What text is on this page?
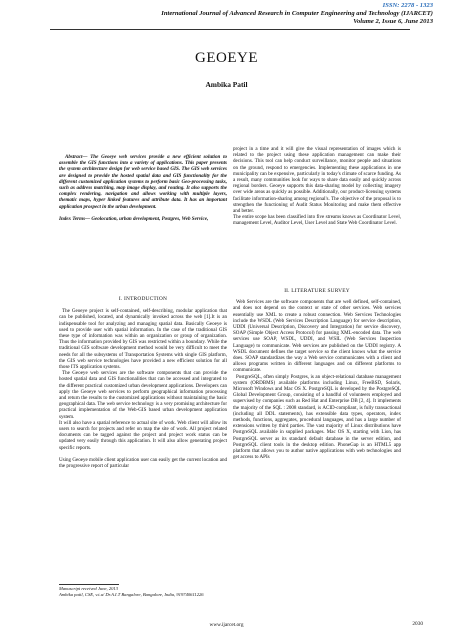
ISSN: 2278 - 1323
International Journal of Advanced Research in Computer Engineering and Technology (IJARCET)
Volume 2, Issue 6, June 2013
GEOEYE
Ambika Patil

Abstract— The Geoeye web services provide a new efficient solution to assemble the GIS functions into a variety of applications. This paper presents the system architecture design for web service based GIS. The GIS web services are designed to provide the hosted spatial data and GIS functionality for the different customized application systems to perform basic Geo-processing tasks, such as address matching, map image display, and routing. It also supports the complex rendering, navigation and allows working with multiple layers, thematic maps, hyper linked features and attribute data. It has an important application prospect in the urban development.

Index Terms— Geolocation, urban development, Postgres, Web Service,

I. INTRODUCTION

The Geoeye project is self-contained, self-describing, modular application that can be published, located, and dynamically invoked across the web [1].It is an indispensable tool for analyzing and managing spatial data. Basically Geoeye is used to provide user with spatial information. In the case of the traditional GIS these type of information was within an organization or group of organization. Thus the information provided by GIS was restricted within a boundary. While the traditional GIS software development method would be very difficult to meet the needs for all the subsystems of Transportation Systems with single GIS platform, the GIS web service technologies have provided a new efficient solution for all those ITS application systems.

The Geoeye web services are the software components that can provide the hosted spatial data and GIS functionalities that can be accessed and integrated to the different practical customized urban development applications. Developers can apply the Geoeye web services to perform geographical information processing and return the results to the customized applications without maintaining the basic geographical data. The web service technology is a very promising architecture for practical implementation of the Web-GIS based urban development application system.

It will also have a spatial reference to actual site of work. Web client will allow its users to search for projects and refer on map the site of work. All project related documents can be tagged against the project and project work status can be updated very easily through this application. It will also allow generating project specific reports.

Using Geoeye mobile client application user can easily get the current location and the progressive report of particular

Manuscript received June, 2013
Ambika patil, CSE, v.t.u/ Dr.A.I.T Bangalore, Bangalore, India, 919740611226

project in a time and it will give the visual representation of images which is related to the project using these application management can make their decisions. This tool can help conduct surveillance, monitor people and situations on the ground, respond to emergencies. Implementing these applications in one municipality can be expensive, particularly in today's climate of scarce funding. As a result, many communities look for ways to share data easily and quickly across regional borders. Geoeye supports this data-sharing model by collecting imagery over wide areas as quickly as possible. Additionally, our product-licensing systems facilitate information-sharing among regional's. The objective of the proposal is to strengthen the functioning of Audit Status Monitoring and make them effective and better.

The entire scope has been classified into five streams knows as Coordinator Level, management Level, Auditor Level, User Level and State Web Coordinator Level.

II. LITERATURE SURVEY

Web Services are the software components that are well defined, self-contained, and does not depend on the context or state of other services. Web services essentially use XML to create a robust connection. Web Services Technologies include the WSDL (Web Services Description Language) for service description, UDDI (Universal Description, Discovery and Integration) for service discovery, SOAP (Simple Object Access Protocol) for passing XML-encoded data. The web services use SOAP, WSDL, UDDI, and WSIL (Web Services Inspection Language) to communicate. Web services are published on the UDDI registry. A WSDL document defines the target service so the client knows what the service does. SOAP standardizes the way a Web service communicates with a client and allows programs written in different languages and on different platforms to communicate.

PostgreSQL, often simply Postgres, is an object-relational database management system (ORDBMS) available platforms including Linux, FreeBSD, Solaris, Microsoft Windows and Mac OS X. PostgreSQL is developed by the PostgreSQL Global Development Group, consisting of a handful of volunteers employed and supervised by companies such as Red Hat and Enterprise DB [2, 4]. It implements the majority of the SQL : 2008 standard, is ACID-compliant, is fully transactional (including all DDL statements), has extensible data types, operators, index methods, functions, aggregates, procedural languages, and has a large number of extensions written by third parties. The vast majority of Linux distributions have PostgreSQL available in supplied packages. Mac OS X, starting with Lion, has PostgreSQL server as its standard default database in the server edition, and PostgreSQL client tools in the desktop edition. PhoneGap is an HTML5 app platform that allows you to author native applications with web technologies and get access to APIs

www.ijarcet.org	2030
